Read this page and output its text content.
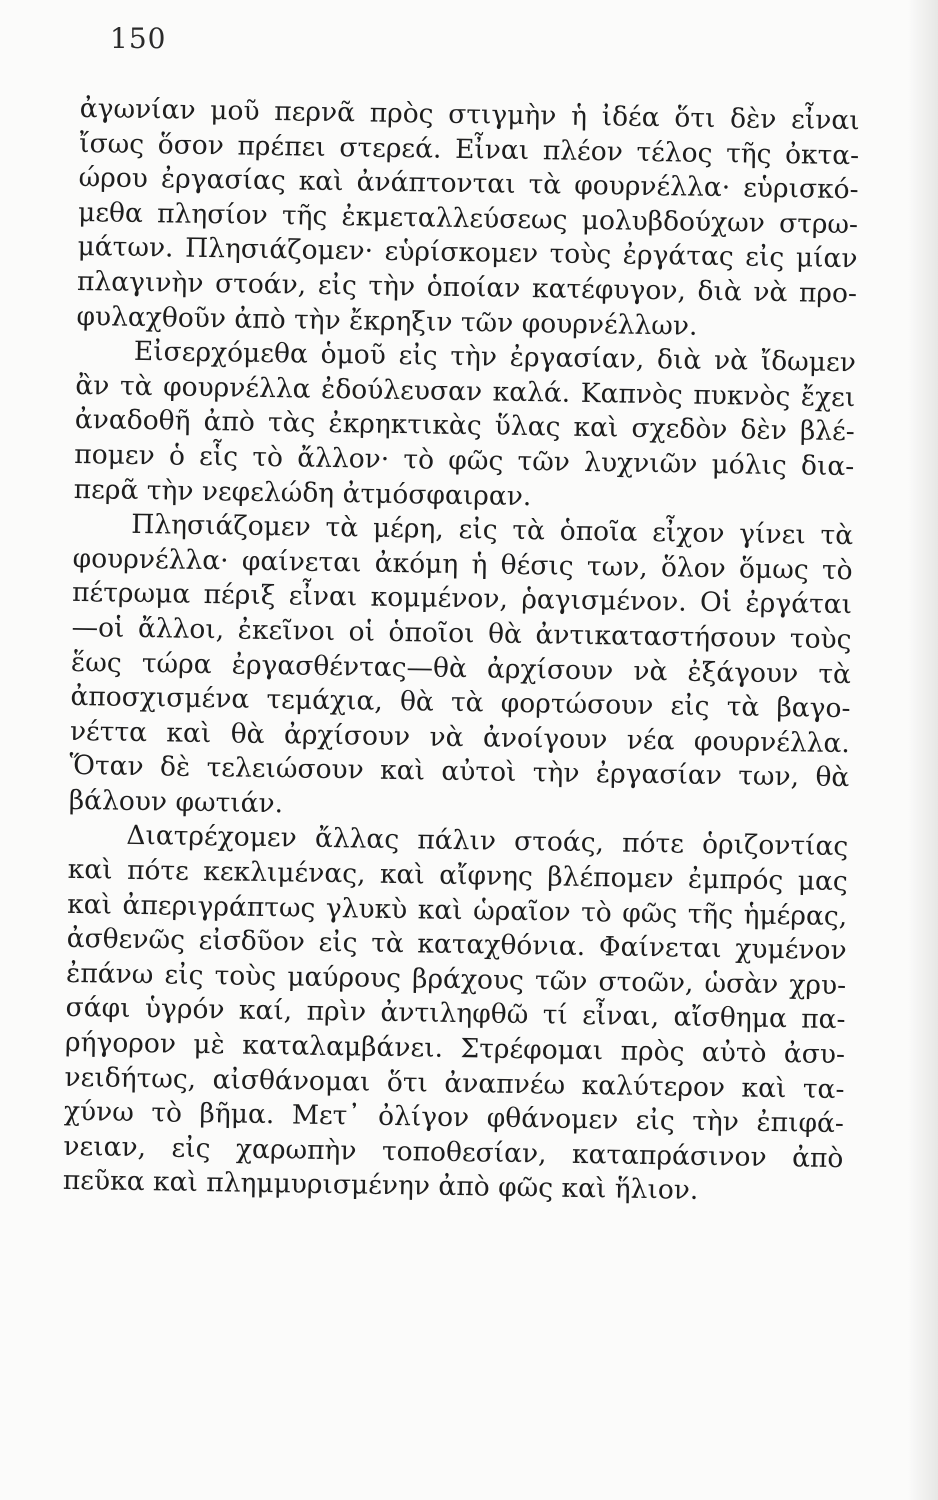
150
ἀγωνίαν μοῦ περνᾶ πρὸς στιγμὴν ἡ ἰδέα ὅτι δὲν εἶναι
ἴσως ὅσον πρέπει στερεά. Εἶναι πλέον τέλος τῆς ὀκτα-
ώρου ἐργασίας καὶ ἀνάπτονται τὰ φουρνέλλα· εὑρισκό-
μεθα πλησίον τῆς ἐκμεταλλεύσεως μολυβδούχων στρω-
μάτων. Πλησιάζομεν· εὑρίσκομεν τοὺς ἐργάτας εἰς μίαν
πλαγινὴν στοάν, εἰς τὴν ὁποίαν κατέφυγον, διὰ νὰ προ-
φυλαχθοῦν ἀπὸ τὴν ἔκρηξιν τῶν φουρνέλλων.
Εἰσερχόμεθα ὁμοῦ εἰς τὴν ἐργασίαν, διὰ νὰ ἴδωμεν
ἂν τὰ φουρνέλλα ἐδούλευσαν καλά. Καπνὸς πυκνὸς ἔχει
ἀναδοθῆ ἀπὸ τὰς ἐκρηκτικὰς ὕλας καὶ σχεδὸν δὲν βλέ-
πομεν ὁ εἷς τὸ ἄλλον· τὸ φῶς τῶν λυχνιῶν μόλις δια-
περᾶ τὴν νεφελώδη ἀτμόσφαιραν.
Πλησιάζομεν τὰ μέρη, εἰς τὰ ὁποῖα εἶχον γίνει τὰ
φουρνέλλα· φαίνεται ἀκόμη ἡ θέσις των, ὅλον ὅμως τὸ
πέτρωμα πέριξ εἶναι κομμένον, ῥαγισμένον. Οἱ ἐργάται
—οἱ ἄλλοι, ἐκεῖνοι οἱ ὁποῖοι θὰ ἀντικαταστήσουν τοὺς
ἕως τώρα ἐργασθέντας—θὰ ἀρχίσουν νὰ ἐξάγουν τὰ
ἀποσχισμένα τεμάχια, θὰ τὰ φορτώσουν εἰς τὰ βαγο-
νέττα καὶ θὰ ἀρχίσουν νὰ ἀνοίγουν νέα φουρνέλλα.
Ὅταν δὲ τελειώσουν καὶ αὐτοὶ τὴν ἐργασίαν των, θὰ
βάλουν φωτιάν.
Διατρέχομεν ἄλλας πάλιν στοάς, πότε ὁριζοντίας
καὶ πότε κεκλιμένας, καὶ αἴφνης βλέπομεν ἐμπρός μας
καὶ ἀπεριγράπτως γλυκὺ καὶ ὡραῖον τὸ φῶς τῆς ἡμέρας,
ἀσθενῶς εἰσδῦον εἰς τὰ καταχθόνια. Φαίνεται χυμένον
ἐπάνω εἰς τοὺς μαύρους βράχους τῶν στοῶν, ὡσὰν χρυ-
σάφι ὑγρόν καί, πρὶν ἀντιληφθῶ τί εἶναι, αἴσθημα πα-
ρήγορον μὲ καταλαμβάνει. Στρέφομαι πρὸς αὐτὸ ἀσυ-
νειδήτως, αἰσθάνομαι ὅτι ἀναπνέω καλύτερον καὶ τα-
χύνω τὸ βῆμα. Μετ᾽ ὀλίγον φθάνομεν εἰς τὴν ἐπιφά-
νειαν, εἰς χαρωπὴν τοποθεσίαν, καταπράσινον ἀπὸ
πεῦκα καὶ πλημμυρισμένην ἀπὸ φῶς καὶ ἥλιον.
